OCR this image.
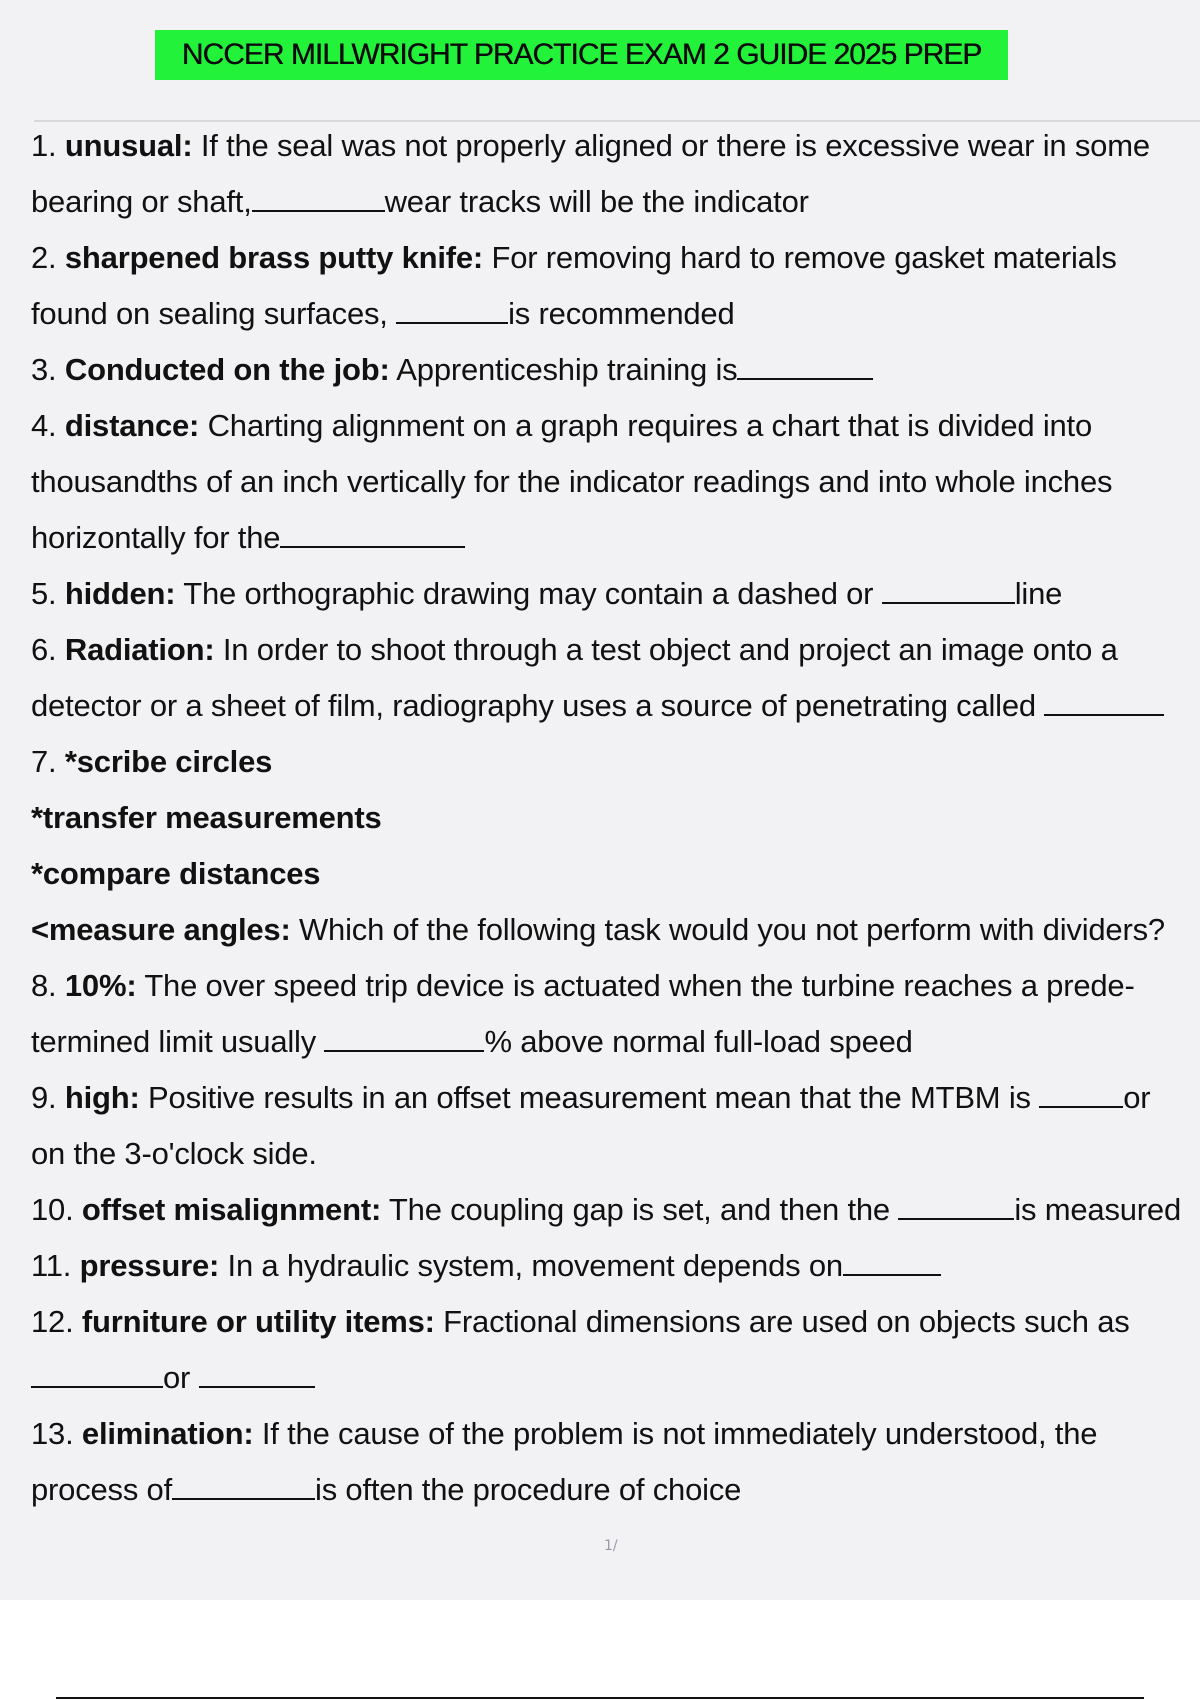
NCCER MILLWRIGHT PRACTICE EXAM 2 GUIDE 2025 PREP
1. unusual: If the seal was not properly aligned or there is excessive wear in some
bearing or shaft,	wear tracks will be the indicator
2. sharpened brass putty knife: For removing hard to remove gasket materials
found on sealing surfaces,	is recommended
3. Conducted on the job: Apprenticeship training is
4. distance: Charting alignment on a graph requires a chart that is divided into
thousandths of an inch vertically for the indicator readings and into whole inches
horizontally for the
5. hidden: The orthographic drawing may contain a dashed or	line
6. Radiation: In order to shoot through a test object and project an image onto a
detector or a sheet of film, radiography uses a source of penetrating called
7. *scribe circles
*transfer measurements
*compare distances
<measure angles: Which of the following task would you not perform with dividers?
8. 10%: The over speed trip device is actuated when the turbine reaches a prede-
termined limit usually	% above normal full-load speed
9. high: Positive results in an offset measurement mean that the MTBM is	or
on the 3-o'clock side.
10. offset misalignment: The coupling gap is set, and then the	is measured
11. pressure: In a hydraulic system, movement depends on
12. furniture or utility items: Fractional dimensions are used on objects such as
or
13. elimination: If the cause of the problem is not immediately understood, the
process of	is often the procedure of choice
1/
